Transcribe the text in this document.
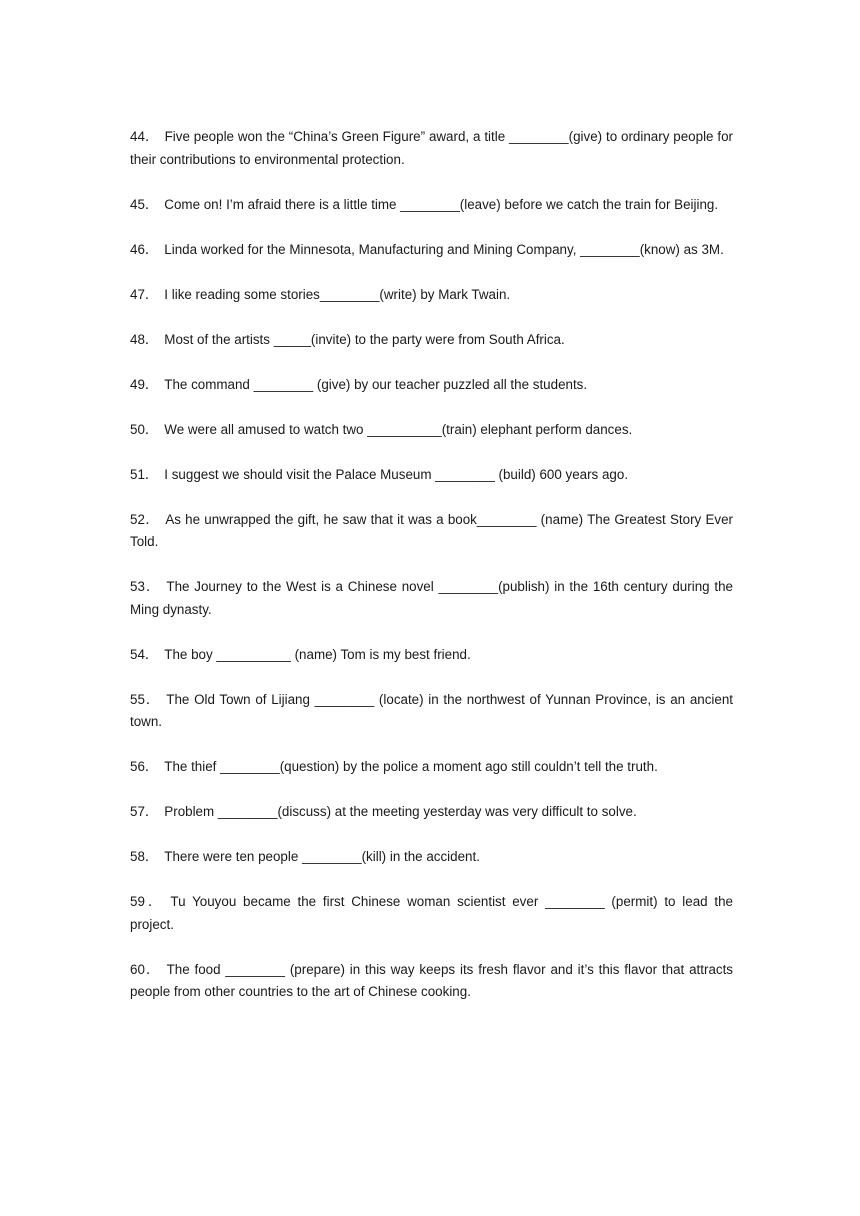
44． Five people won the “China’s Green Figure” award, a title ________(give) to ordinary people for their contributions to environmental protection.

45． Come on! I’m afraid there is a little time ________(leave) before we catch the train for Beijing.

46． Linda worked for the Minnesota, Manufacturing and Mining Company, ________(know) as 3M.

47． I like reading some stories________(write) by Mark Twain.

48． Most of the artists _____(invite) to the party were from South Africa.

49． The command ________ (give) by our teacher puzzled all the students.

50． We were all amused to watch two __________(train) elephant perform dances.

51． I suggest we should visit the Palace Museum ________ (build) 600 years ago.

52． As he unwrapped the gift, he saw that it was a book________ (name) The Greatest Story Ever Told.

53． The Journey to the West is a Chinese novel ________(publish) in the 16th century during the Ming dynasty.

54． The boy __________ (name) Tom is my best friend.

55． The Old Town of Lijiang ________ (locate) in the northwest of Yunnan Province, is an ancient town.

56． The thief ________(question) by the police a moment ago still couldn’t tell the truth.

57． Problem ________(discuss) at the meeting yesterday was very difficult to solve.

58． There were ten people ________(kill) in the accident.

59． Tu Youyou became the first Chinese woman scientist ever ________ (permit) to lead the project.

60． The food ________ (prepare) in this way keeps its fresh flavor and it’s this flavor that attracts people from other countries to the art of Chinese cooking.
